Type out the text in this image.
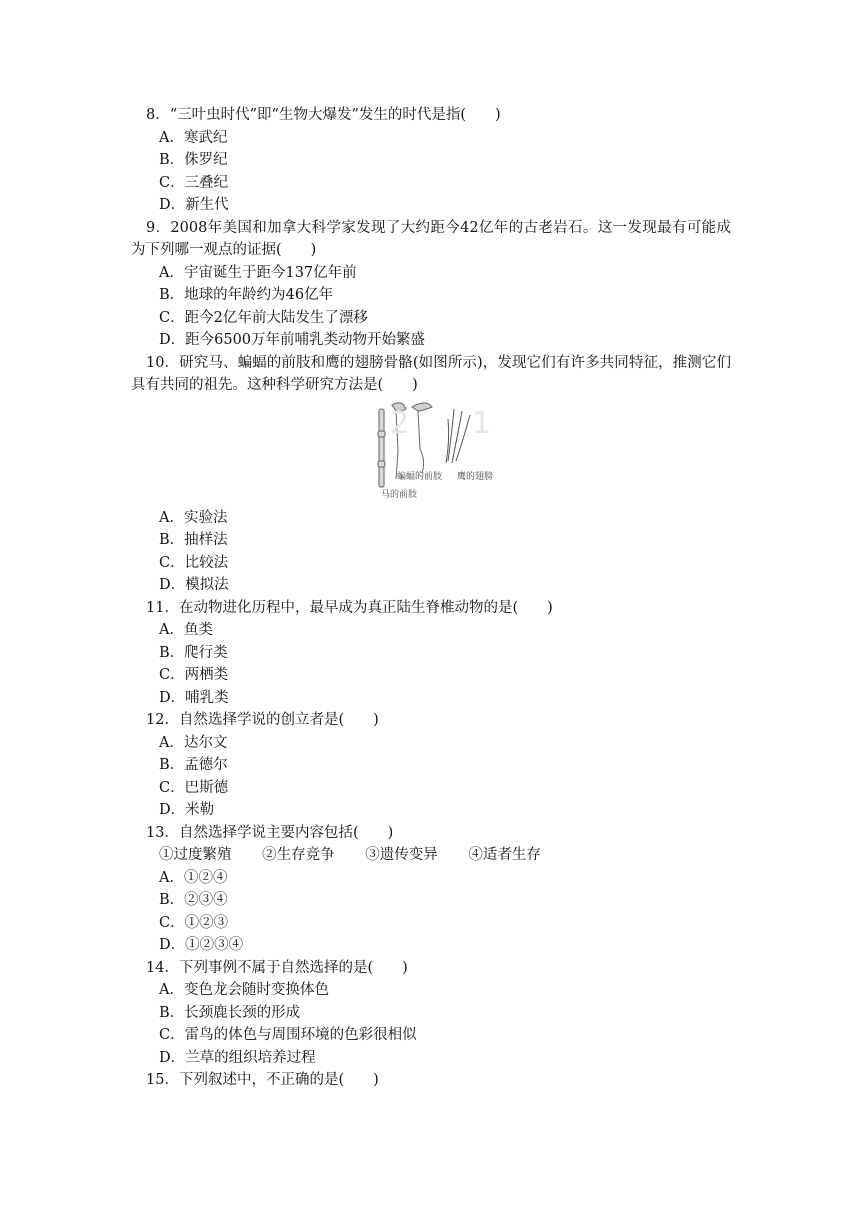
8．“三叶虫时代”即“生物大爆发”发生的时代是指(　　)
A．寒武纪
B．侏罗纪
C．三叠纪
D．新生代
9．2008年美国和加拿大科学家发现了大约距今42亿年的古老岩石。这一发现最有可能成为下列哪一观点的证据(　　)
A．宇宙诞生于距今137亿年前
B．地球的年龄约为46亿年
C．距今2亿年前大陆发生了漂移
D．距今6500万年前哺乳类动物开始繁盛
10．研究马、蝙蝠的前肢和鹰的翅膀骨骼(如图所示)，发现它们有许多共同特征，推测它们具有共同的祖先。这种科学研究方法是(　　)
2 1
蝙蝠的前肢 鹰的翅膀
马的前肢
A．实验法
B．抽样法
C．比较法
D．模拟法
11．在动物进化历程中，最早成为真正陆生脊椎动物的是(　　)
A．鱼类
B．爬行类
C．两栖类
D．哺乳类
12．自然选择学说的创立者是(　　)
A．达尔文
B．孟德尔
C．巴斯德
D．米勒
13．自然选择学说主要内容包括(　　)
①过度繁殖 ②生存竞争 ③遗传变异 ④适者生存
A．①②④
B．②③④
C．①②③
D．①②③④
14．下列事例不属于自然选择的是(　　)
A．变色龙会随时变换体色
B．长颈鹿长颈的形成
C．雷鸟的体色与周围环境的色彩很相似
D．兰草的组织培养过程
15．下列叙述中，不正确的是(　　)
